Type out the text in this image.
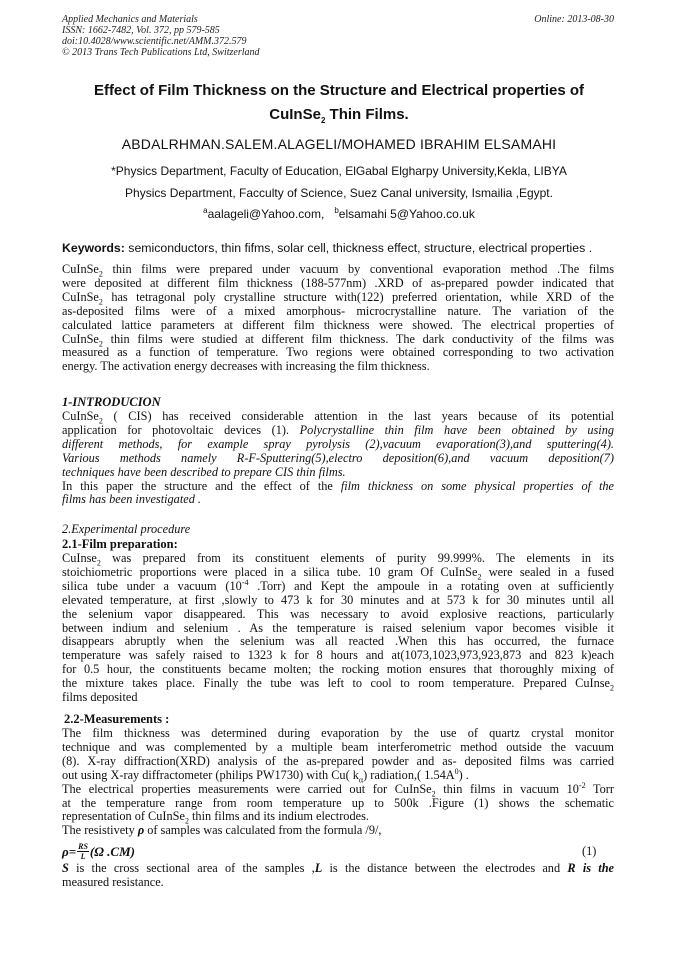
Applied Mechanics and Materials
ISSN: 1662-7482, Vol. 372, pp 579-585
doi:10.4028/www.scientific.net/AMM.372.579
© 2013 Trans Tech Publications Ltd, Switzerland
Online: 2013-08-30
Effect of Film Thickness on the Structure and Electrical properties of
CuInSe$_2$ Thin Films.
ABDALRHMAN.SALEM.ALAGELI/MOHAMED IBRAHIM ELSAMAHI
*Physics Department, Faculty of Education, ElGabal Elgharpy University,Kekla, LIBYA
Physics Department, Facculty of Science, Suez Canal university, Ismailia ,Egypt.
$^a$aalageli@Yahoo.com, $^b$elsamahi 5@Yahoo.co.uk
Keywords: semiconductors, thin fifms, solar cell, thickness effect, structure, electrical properties .
CuInSe$_2$ thin films were prepared under vacuum by conventional evaporation method .The films
were deposited at different film thickness (188-577nm) .XRD of as-prepared powder indicated that
CuInSe$_2$ has tetragonal poly crystalline structure with(122) preferred orientation, while XRD of the
as-deposited films were of a mixed amorphous- microcrystalline nature. The variation of the
calculated lattice parameters at different film thickness were showed. The electrical properties of
CuInSe$_2$ thin films were studied at different film thickness. The dark conductivity of the films was
measured as a function of temperature. Two regions were obtained corresponding to two activation
energy. The activation energy decreases with increasing the film thickness.
1-INTRODUCION
CuInSe$_2$ ( CIS) has received considerable attention in the last years because of its potential
application for photovoltaic devices (1). Polycrystalline thin film have been obtained by using
different methods, for example spray pyrolysis (2),vacuum evaporation(3),and sputtering(4).
Various methods namely R-F-Sputtering(5),electro deposition(6),and vacuum deposition(7)
techniques have been described to prepare CIS thin films.
In this paper the structure and the effect of the film thickness on some physical properties of the
films has been investigated .
2.Experimental procedure
2.1-Film preparation:
CuInse$_2$ was prepared from its constituent elements of purity 99.999%. The elements in its
stoichiometric proportions were placed in a silica tube. 10 gram Of CuInSe$_2$ were sealed in a fused
silica tube under a vacuum ($10^{-4}$ .Torr) and Kept the ampoule in a rotating oven at sufficiently
elevated temperature, at first ,slowly to 473 k for 30 minutes and at 573 k for 30 minutes until all
the selenium vapor disappeared. This was necessary to avoid explosive reactions, particularly
between indium and selenium . As the temperature is raised selenium vapor becomes visible it
disappears abruptly when the selenium was all reacted .When this has occurred, the furnace
temperature was safely raised to 1323 k for 8 hours and at(1073,1023,973,923,873 and 823 k)each
for 0.5 hour, the constituents became molten; the rocking motion ensures that thoroughly mixing of
the mixture takes place. Finally the tube was left to cool to room temperature. Prepared CuInse$_2$
films deposited
2.2-Measurements :
The film thickness was determined during evaporation by the use of quartz crystal monitor
technique and was complemented by a multiple beam interferometric method outside the vacuum
(8). X-ray diffraction(XRD) analysis of the as-prepared powder and as- deposited films was carried
out using X-ray diffractometer (philips PW1730) with Cu( $k_\alpha$) radiation,( $1.54A^0$) .
The electrical properties measurements were carried out for CuInSe$_2$ thin films in vacuum $10^{-2}$ Torr
at the temperature range from room temperature up to 500k .Figure (1) shows the schematic
representation of CuInSe$_2$ thin films and its indium electrodes.
The resistivety ρ of samples was calculated from the formula /9/,
$\rho= \frac{RS}{L} (\Omega$ .CM)	(1)
S is the cross sectional area of the samples ,L is the distance between the electrodes and R is the
measured resistance.
